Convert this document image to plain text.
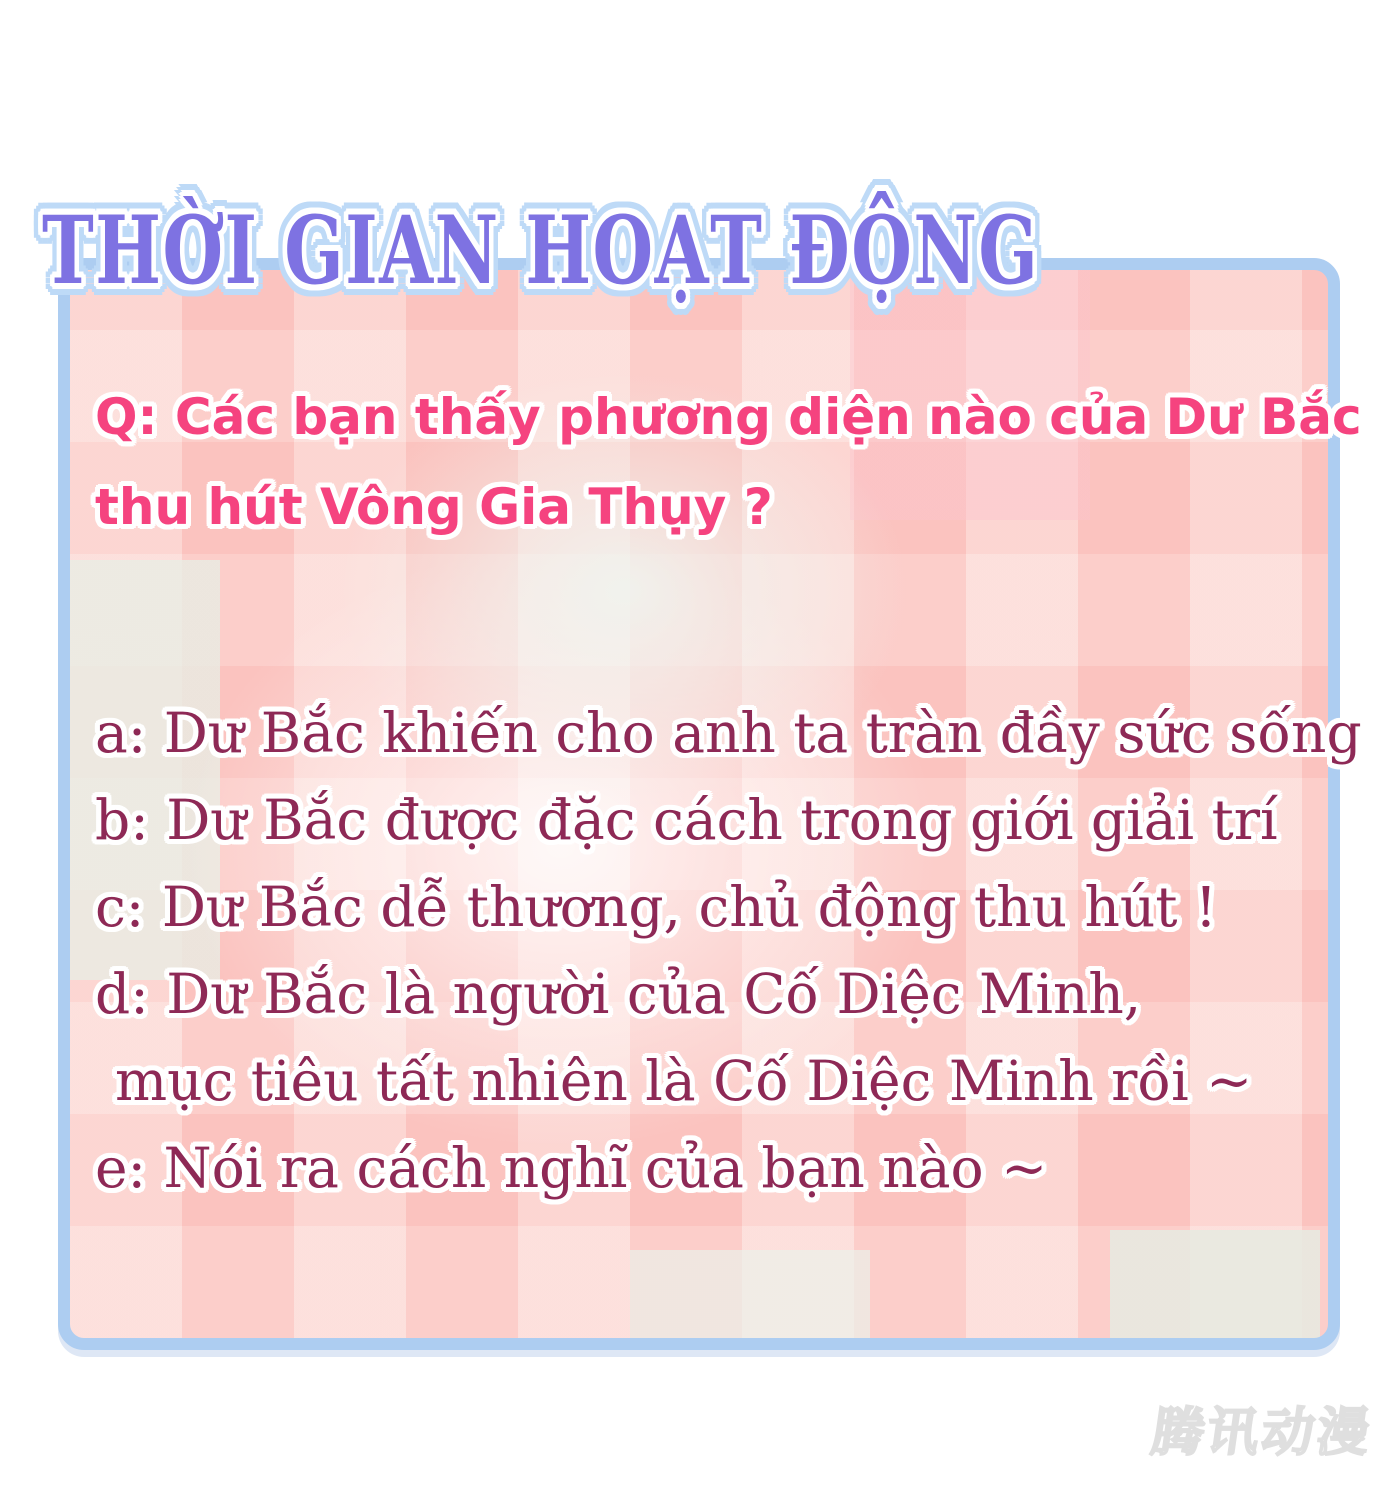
THỜI GIAN HOẠT ĐỘNG
Q: Các bạn thấy phương diện nào của Dư Bắc
thu hút Vông Gia Thụy ?
a: Dư Bắc khiến cho anh ta tràn đầy sức sống
b: Dư Bắc được đặc cách trong giới giải trí
c: Dư Bắc dễ thương, chủ động thu hút !
d: Dư Bắc là người của Cố Diệc Minh,
mục tiêu tất nhiên là Cố Diệc Minh rồi ~
e: Nói ra cách nghĩ của bạn nào ~
腾讯动漫
